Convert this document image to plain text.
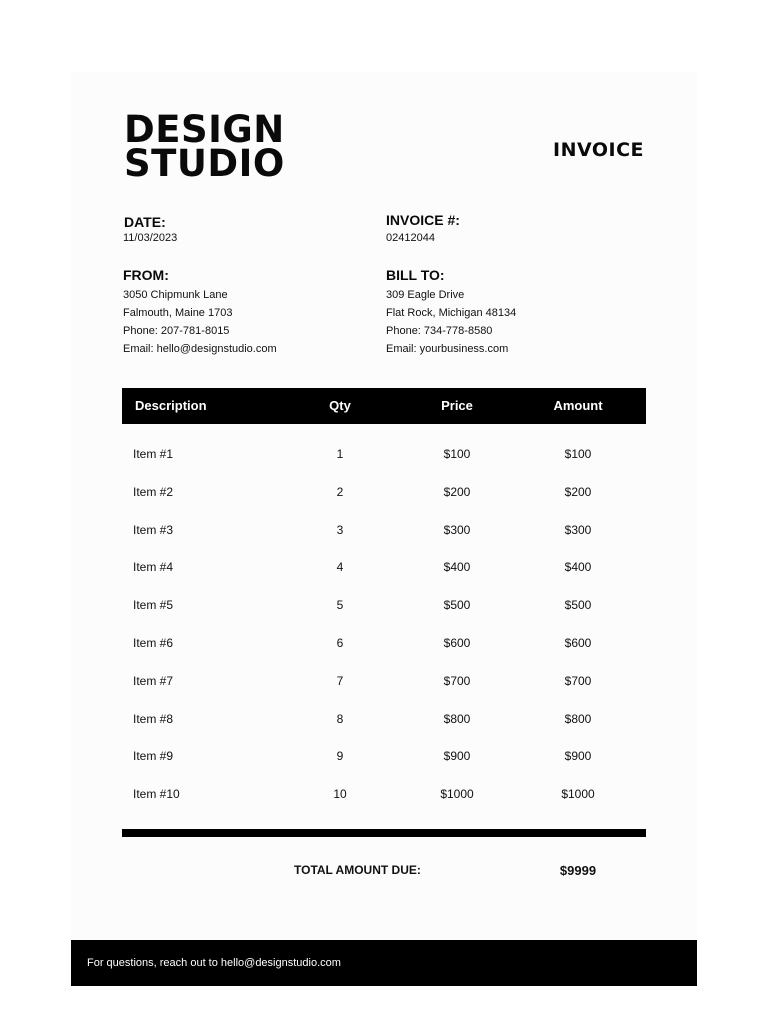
DESIGN
STUDIO	INVOICE
DATE:
11/03/2023
INVOICE #:
02412044
FROM:
3050 Chipmunk Lane
Falmouth, Maine 1703
Phone: 207-781-8015
Email: hello@designstudio.com
BILL TO:
309 Eagle Drive
Flat Rock, Michigan 48134
Phone: 734-778-8580
Email: yourbusiness.com
Description	Qty	Price	Amount
Item #1	1	$100	$100
Item #2	2	$200	$200
Item #3	3	$300	$300
Item #4	4	$400	$400
Item #5	5	$500	$500
Item #6	6	$600	$600
Item #7	7	$700	$700
Item #8	8	$800	$800
Item #9	9	$900	$900
Item #10	10	$1000	$1000
TOTAL AMOUNT DUE:	$9999
For questions, reach out to hello@designstudio.com
